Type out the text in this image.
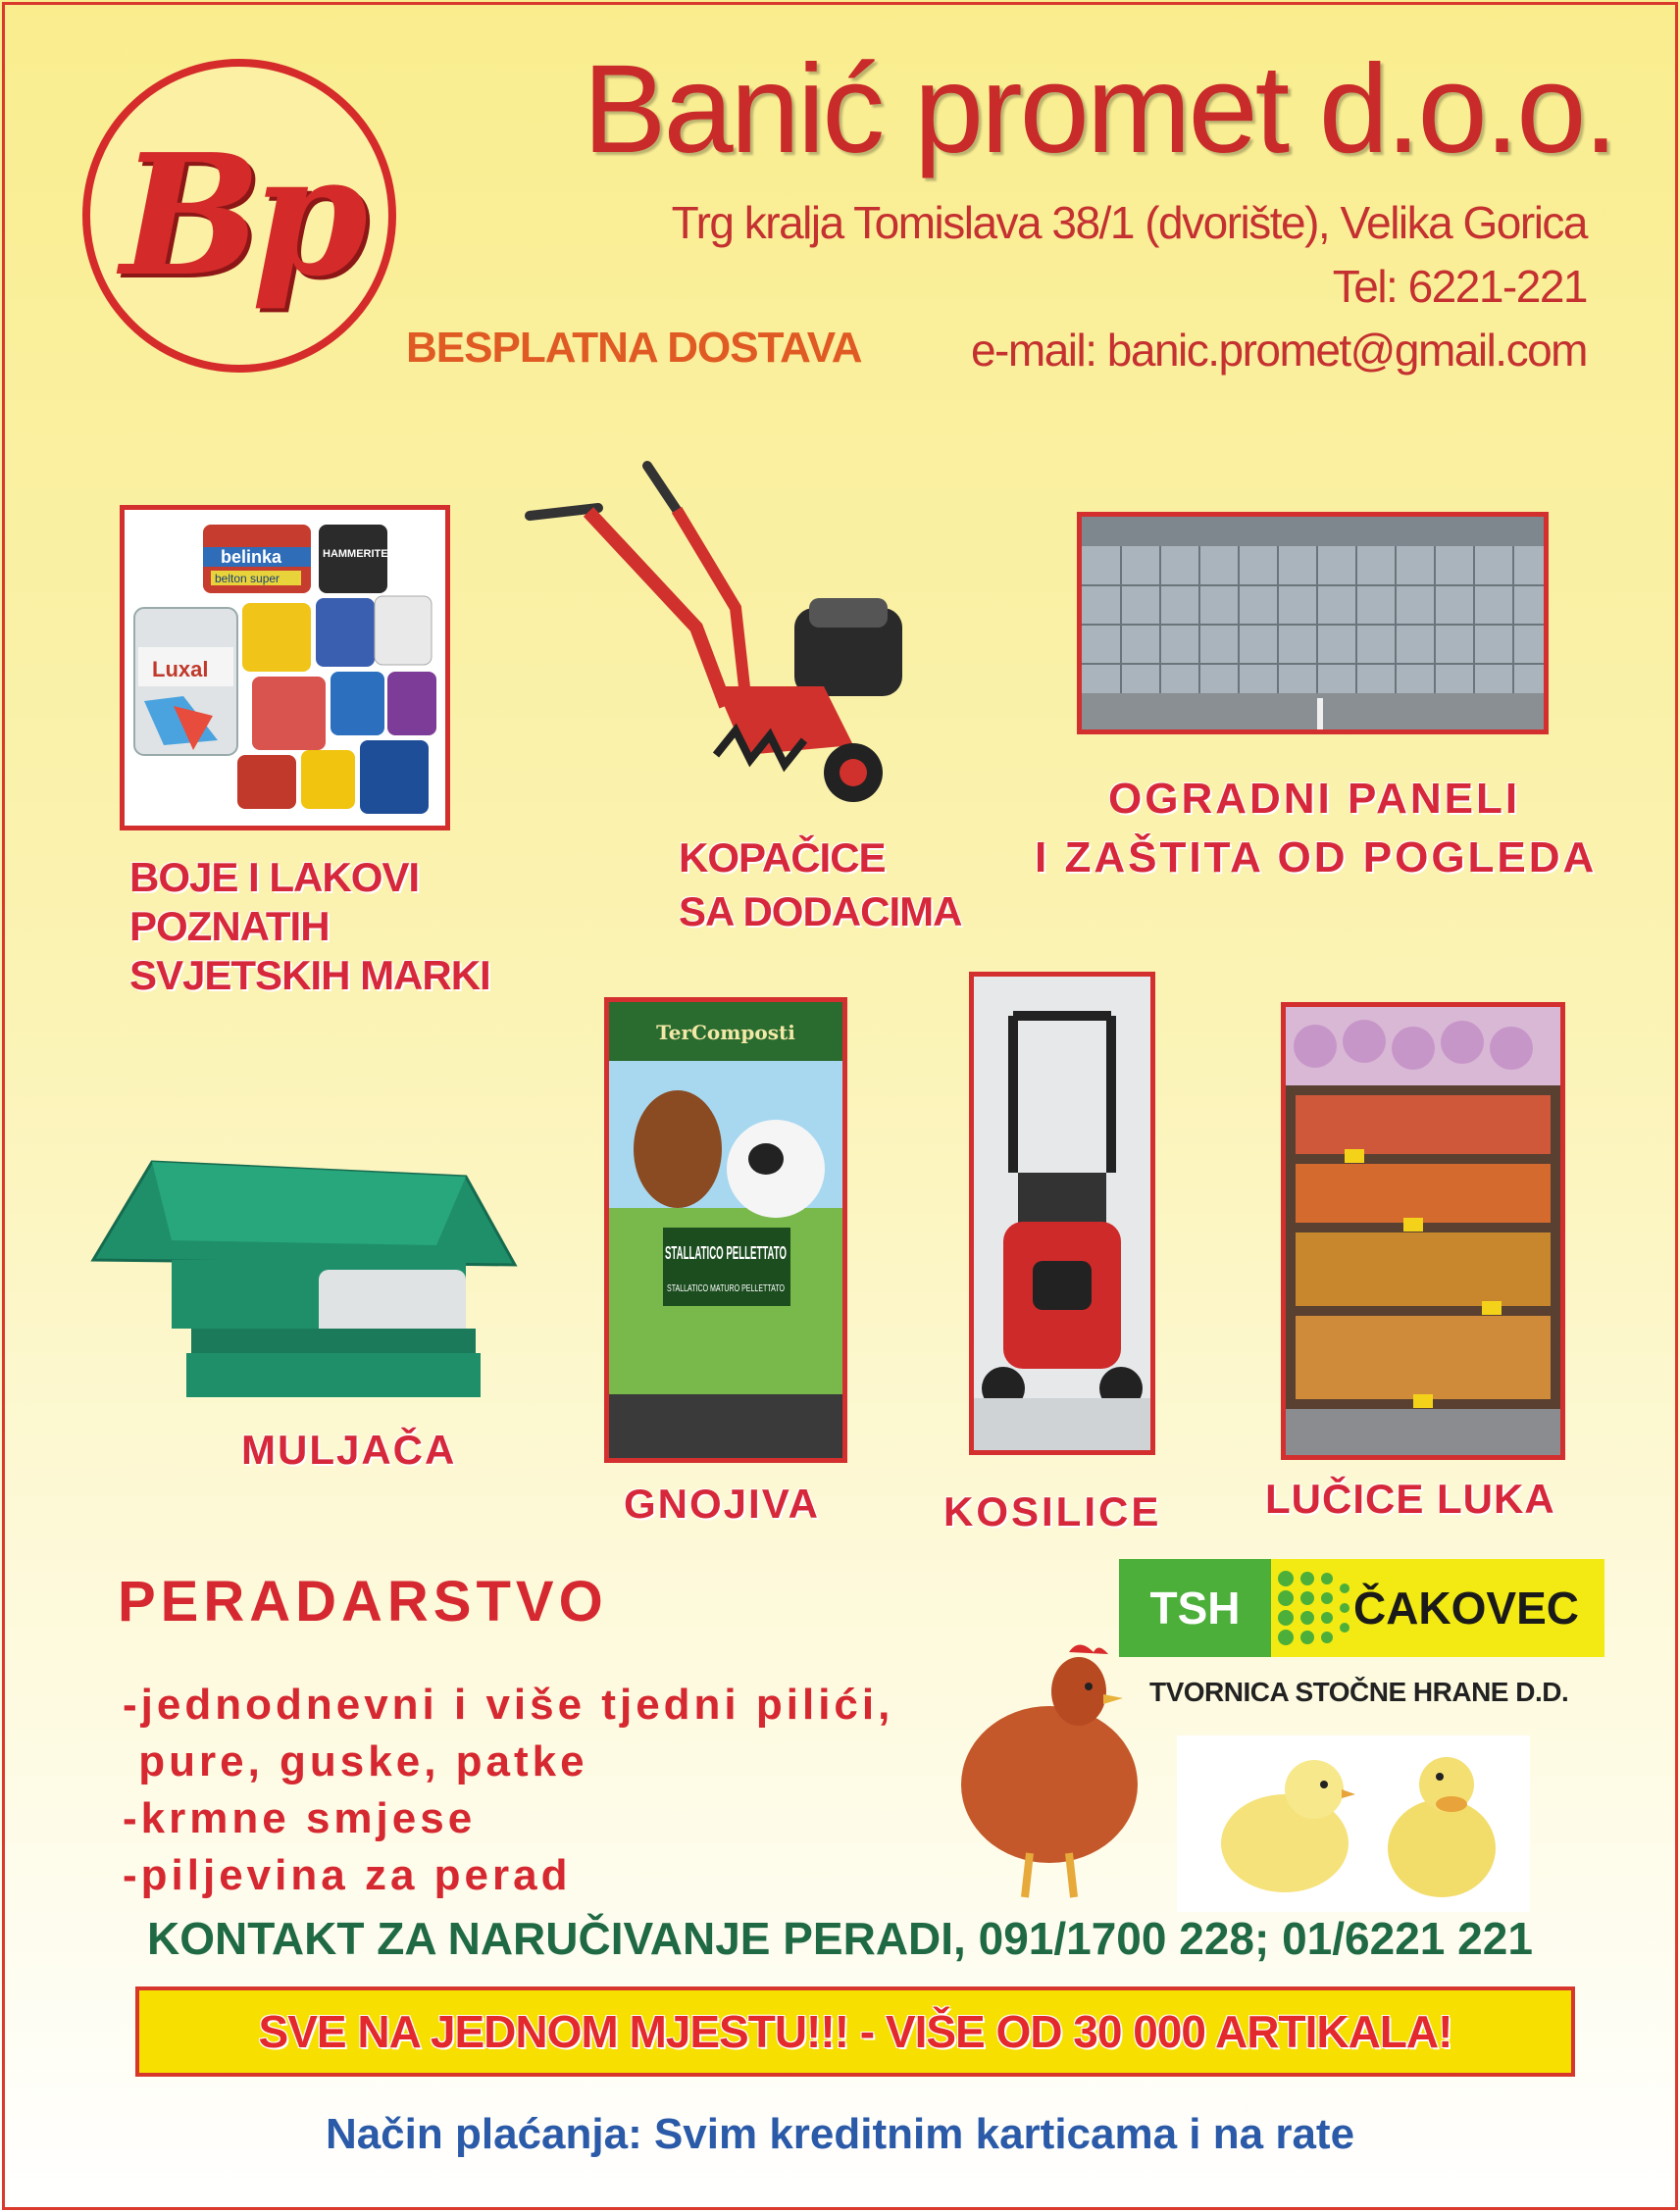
Bp
Banić promet d.o.o.
Trg kralja Tomislava 38/1 (dvorište), Velika Gorica
Tel: 6221-221
e-mail: banic.promet@gmail.com
BESPLATNA DOSTAVA
belinka
belton super
HAMMERITE
Luxal
BOJE I LAKOVI
POZNATIH
SVJETSKIH MARKI
KOPAČICE
SA DODACIMA
OGRADNI PANELI
I ZAŠTITA OD POGLEDA
MULJAČA
TerComposti
STALLATICO PELLETTATO
STALLATICO MATURO PELLETTATO
GNOJIVA	KOSILICE	LUČICE LUKA
PERADARSTVO
-jednodnevni i više tjedni pilići,
pure, guske, patke
-krmne smjese
-piljevina za perad
TSH	ČAKOVEC
TVORNICA STOČNE HRANE D.D.
KONTAKT ZA NARUČIVANJE PERADI, 091/1700 228; 01/6221 221
SVE NA JEDNOM MJESTU!!! - VIŠE OD 30 000 ARTIKALA!
Način plaćanja: Svim kreditnim karticama i na rate
